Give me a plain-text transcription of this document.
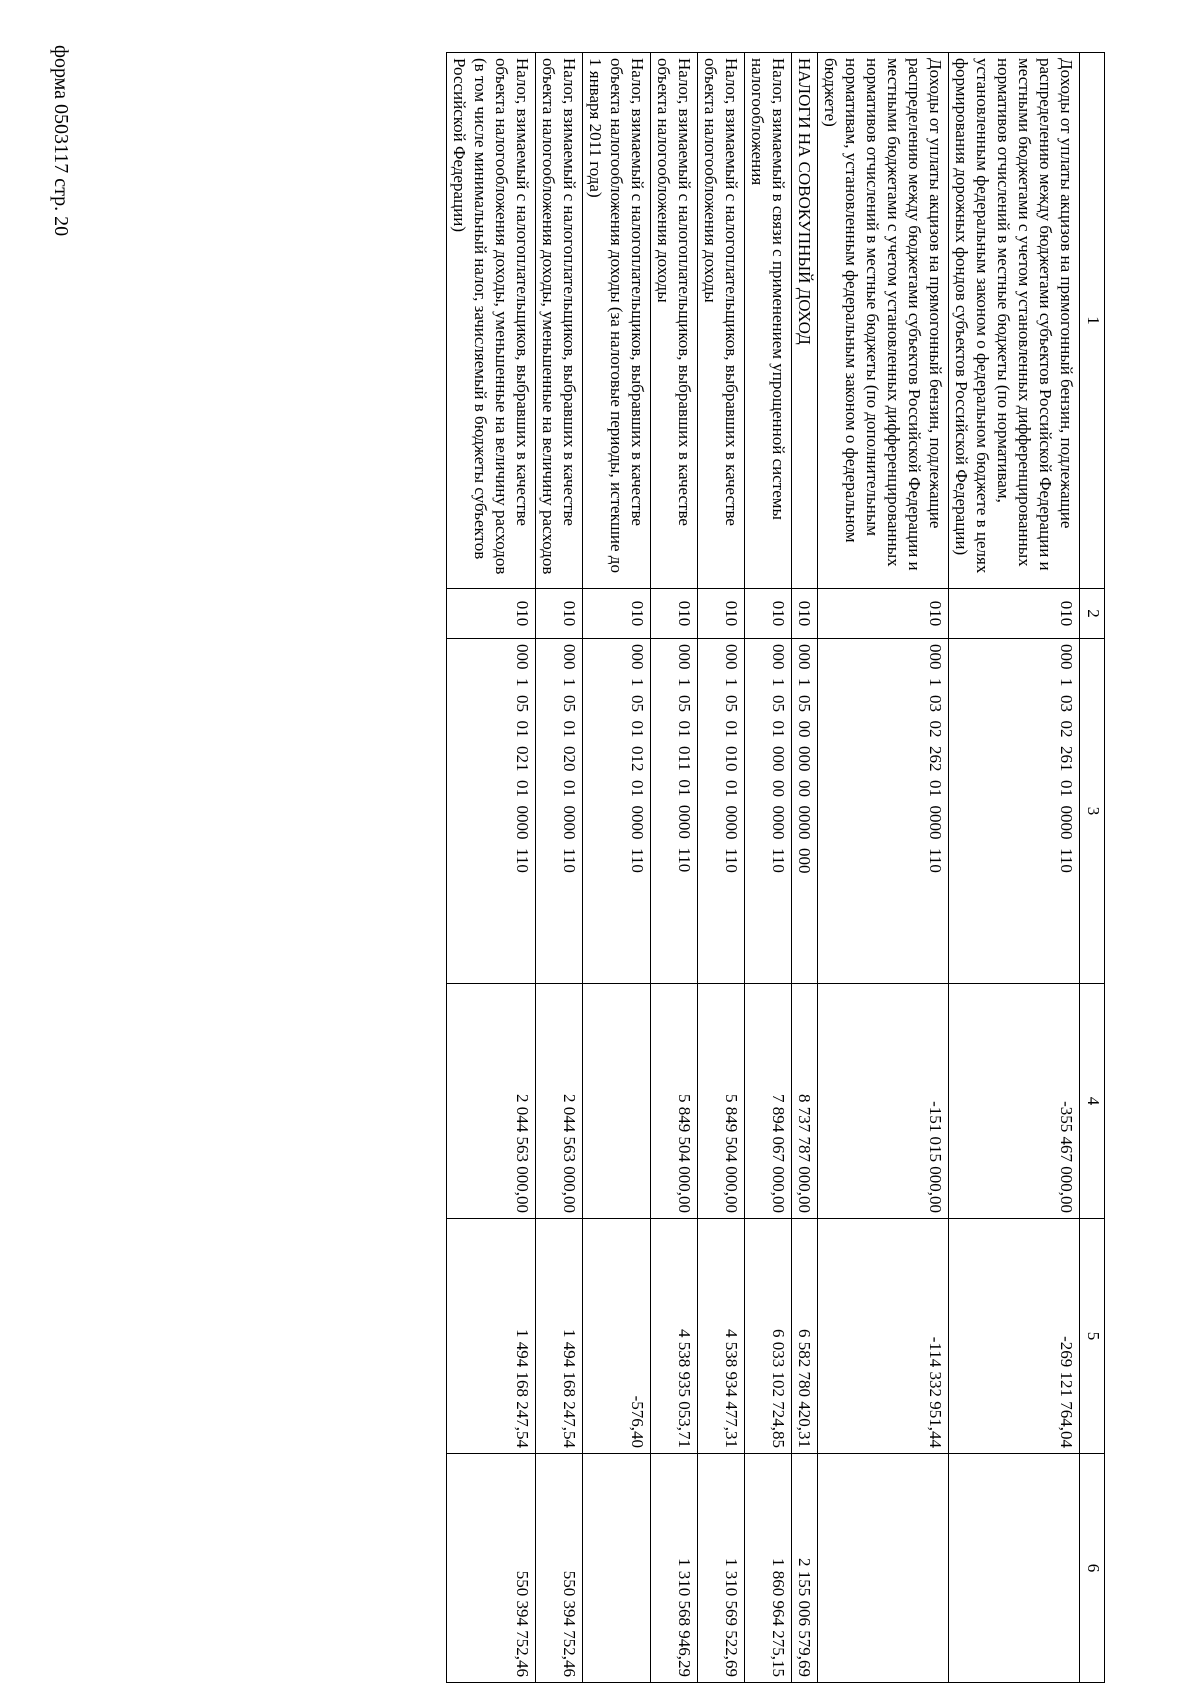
форма 0503117 стр. 20
1	2	3	4	5	6
Доходы от уплаты акцизов на прямогонный бензин, подлежащие распределению между бюджетами субъектов Российской Федерации и местными бюджетами с учетом установленных дифференцированных нормативов отчислений в местные бюджеты (по нормативам, установленным федеральным законом о федеральном бюджете в целях формирования дорожных фондов субъектов Российской Федерации)	010	000  1  03  02  261  01  0000  110	-355 467 000,00	-269 121 764,04	
Доходы от уплаты акцизов на прямогонный бензин, подлежащие распределению между бюджетами субъектов Российской Федерации и местными бюджетами с учетом установленных дифференцированных нормативов отчислений в местные бюджеты (по дополнительным нормативам, установленным федеральным законом о федеральном бюджете)	010	000  1  03  02  262  01  0000  110	-151 015 000,00	-114 332 951,44	
НАЛОГИ НА СОВОКУПНЫЙ ДОХОД	010	000  1  05  00  000  00  0000  000	8 737 787 000,00	6 582 780 420,31	2 155 006 579,69
Налог, взимаемый в связи с применением упрощенной системы налогообложения	010	000  1  05  01  000  00  0000  110	7 894 067 000,00	6 033 102 724,85	1 860 964 275,15
Налог, взимаемый с налогоплательщиков, выбравших в качестве объекта налогообложения доходы	010	000  1  05  01  010  01  0000  110	5 849 504 000,00	4 538 934 477,31	1 310 569 522,69
Налог, взимаемый с налогоплательщиков, выбравших в качестве объекта налогообложения доходы	010	000  1  05  01  011  01  0000  110	5 849 504 000,00	4 538 935 053,71	1 310 568 946,29
Налог, взимаемый с налогоплательщиков, выбравших в качестве объекта налогообложения доходы (за налоговые периоды, истекшие до 1 января 2011 года)	010	000  1  05  01  012  01  0000  110		-576,40	
Налог, взимаемый с налогоплательщиков, выбравших в качестве объекта налогообложения доходы, уменьшенные на величину расходов	010	000  1  05  01  020  01  0000  110	2 044 563 000,00	1 494 168 247,54	550 394 752,46
Налог, взимаемый с налогоплательщиков, выбравших в качестве объекта налогообложения доходы, уменьшенные на величину расходов (в том числе минимальный налог, зачисляемый в бюджеты субъектов Российской Федерации)	010	000  1  05  01  021  01  0000  110	2 044 563 000,00	1 494 168 247,54	550 394 752,46
